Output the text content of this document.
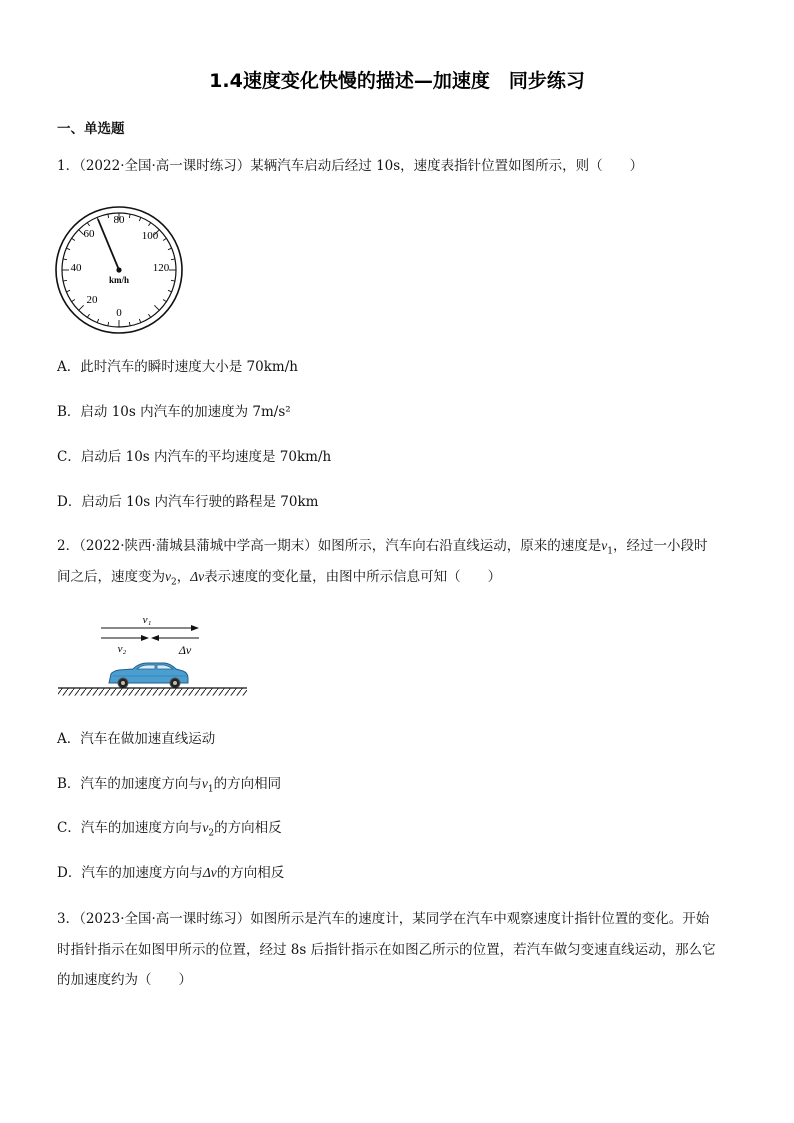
1.4速度变化快慢的描述—加速度　同步练习
一、单选题
1．（2022·全国·高一课时练习）某辆汽车启动后经过 10s，速度表指针位置如图所示，则（　　）
80
60	100
40	120
20
0
km/h
A．此时汽车的瞬时速度大小是 70km/h
B．启动 10s 内汽车的加速度为 7m/s²
C．启动后 10s 内汽车的平均速度是 70km/h
D．启动后 10s 内汽车行驶的路程是 70km
2．（2022·陕西·蒲城县蒲城中学高一期末）如图所示，汽车向右沿直线运动，原来的速度是$v_1$，经过一小段时
间之后，速度变为$v_2$，Δv表示速度的变化量，由图中所示信息可知（　　）
v₁
v₂	Δv
A．汽车在做加速直线运动
B．汽车的加速度方向与$v_1$的方向相同
C．汽车的加速度方向与$v_2$的方向相反
D．汽车的加速度方向与Δv的方向相反
3．（2023·全国·高一课时练习）如图所示是汽车的速度计，某同学在汽车中观察速度计指针位置的变化。开始
时指针指示在如图甲所示的位置，经过 8s 后指针指示在如图乙所示的位置，若汽车做匀变速直线运动，那么它
的加速度约为（　　）
